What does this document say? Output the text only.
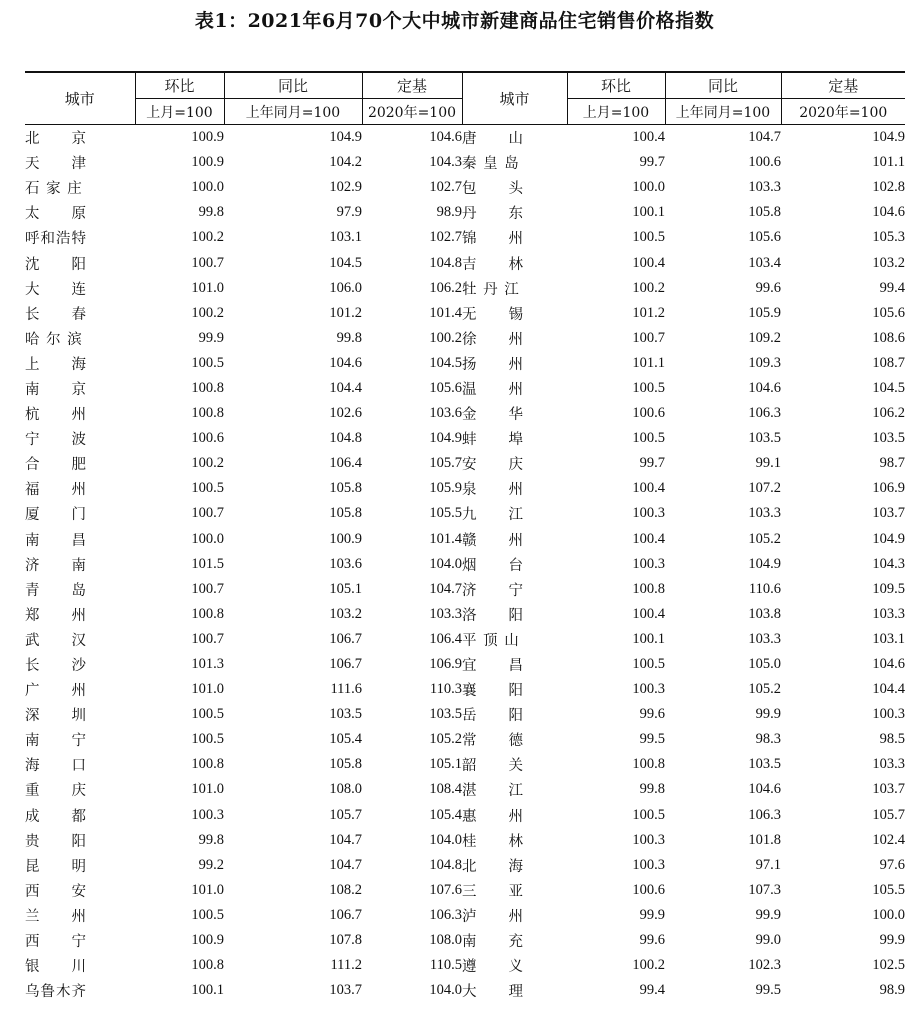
表1：2021年6月70个大中城市新建商品住宅销售价格指数
城市	环比	同比	定基	城市	环比	同比	定基
	上月=100	上年同月=100	2020年=100		上月=100	上年同月=100	2020年=100
北　　京	100.9	104.9	104.6	唐　　山	100.4	104.7	104.9
天　　津	100.9	104.2	104.3	秦 皇 岛	99.7	100.6	101.1
石 家 庄	100.0	102.9	102.7	包　　头	100.0	103.3	102.8
太　　原	99.8	97.9	98.9	丹　　东	100.1	105.8	104.6
呼和浩特	100.2	103.1	102.7	锦　　州	100.5	105.6	105.3
沈　　阳	100.7	104.5	104.8	吉　　林	100.4	103.4	103.2
大　　连	101.0	106.0	106.2	牡 丹 江	100.2	99.6	99.4
长　　春	100.2	101.2	101.4	无　　锡	101.2	105.9	105.6
哈 尔 滨	99.9	99.8	100.2	徐　　州	100.7	109.2	108.6
上　　海	100.5	104.6	104.5	扬　　州	101.1	109.3	108.7
南　　京	100.8	104.4	105.6	温　　州	100.5	104.6	104.5
杭　　州	100.8	102.6	103.6	金　　华	100.6	106.3	106.2
宁　　波	100.6	104.8	104.9	蚌　　埠	100.5	103.5	103.5
合　　肥	100.2	106.4	105.7	安　　庆	99.7	99.1	98.7
福　　州	100.5	105.8	105.9	泉　　州	100.4	107.2	106.9
厦　　门	100.7	105.8	105.5	九　　江	100.3	103.3	103.7
南　　昌	100.0	100.9	101.4	赣　　州	100.4	105.2	104.9
济　　南	101.5	103.6	104.0	烟　　台	100.3	104.9	104.3
青　　岛	100.7	105.1	104.7	济　　宁	100.8	110.6	109.5
郑　　州	100.8	103.2	103.3	洛　　阳	100.4	103.8	103.3
武　　汉	100.7	106.7	106.4	平 顶 山	100.1	103.3	103.1
长　　沙	101.3	106.7	106.9	宜　　昌	100.5	105.0	104.6
广　　州	101.0	111.6	110.3	襄　　阳	100.3	105.2	104.4
深　　圳	100.5	103.5	103.5	岳　　阳	99.6	99.9	100.3
南　　宁	100.5	105.4	105.2	常　　德	99.5	98.3	98.5
海　　口	100.8	105.8	105.1	韶　　关	100.8	103.5	103.3
重　　庆	101.0	108.0	108.4	湛　　江	99.8	104.6	103.7
成　　都	100.3	105.7	105.4	惠　　州	100.5	106.3	105.7
贵　　阳	99.8	104.7	104.0	桂　　林	100.3	101.8	102.4
昆　　明	99.2	104.7	104.8	北　　海	100.3	97.1	97.6
西　　安	101.0	108.2	107.6	三　　亚	100.6	107.3	105.5
兰　　州	100.5	106.7	106.3	泸　　州	99.9	99.9	100.0
西　　宁	100.9	107.8	108.0	南　　充	99.6	99.0	99.9
银　　川	100.8	111.2	110.5	遵　　义	100.2	102.3	102.5
乌鲁木齐	100.1	103.7	104.0	大　　理	99.4	99.5	98.9
